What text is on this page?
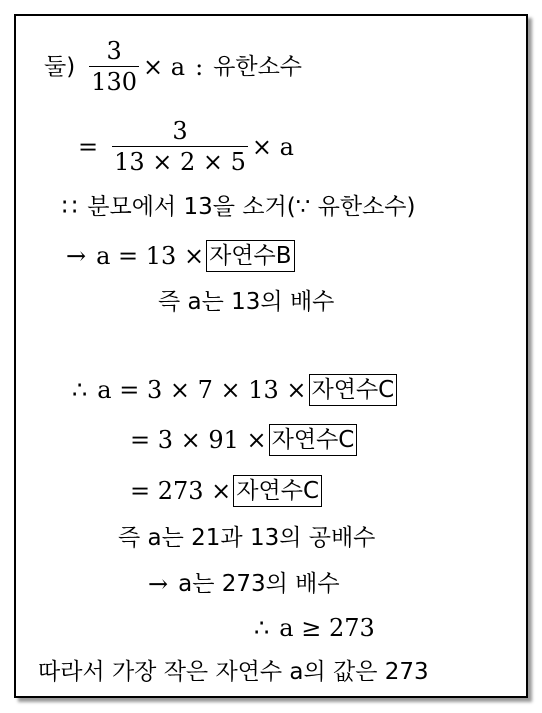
둘) $\frac{3}{130} \times a$ : 유한소수
= $\frac{3}{13 \times 2 \times 5} \times a$
∷ 분모에서 13을 소거(∵ 유한소수)
→ a = 13 × 자연수B
즉 a는 13의 배수
∴ a = 3 × 7 × 13 × 자연수C
= 3 × 91 × 자연수C
= 273 × 자연수C
즉 a는 21과 13의 공배수
→ a는 273의 배수
∴ a ≥ 273
따라서 가장 작은 자연수 a의 값은 273
